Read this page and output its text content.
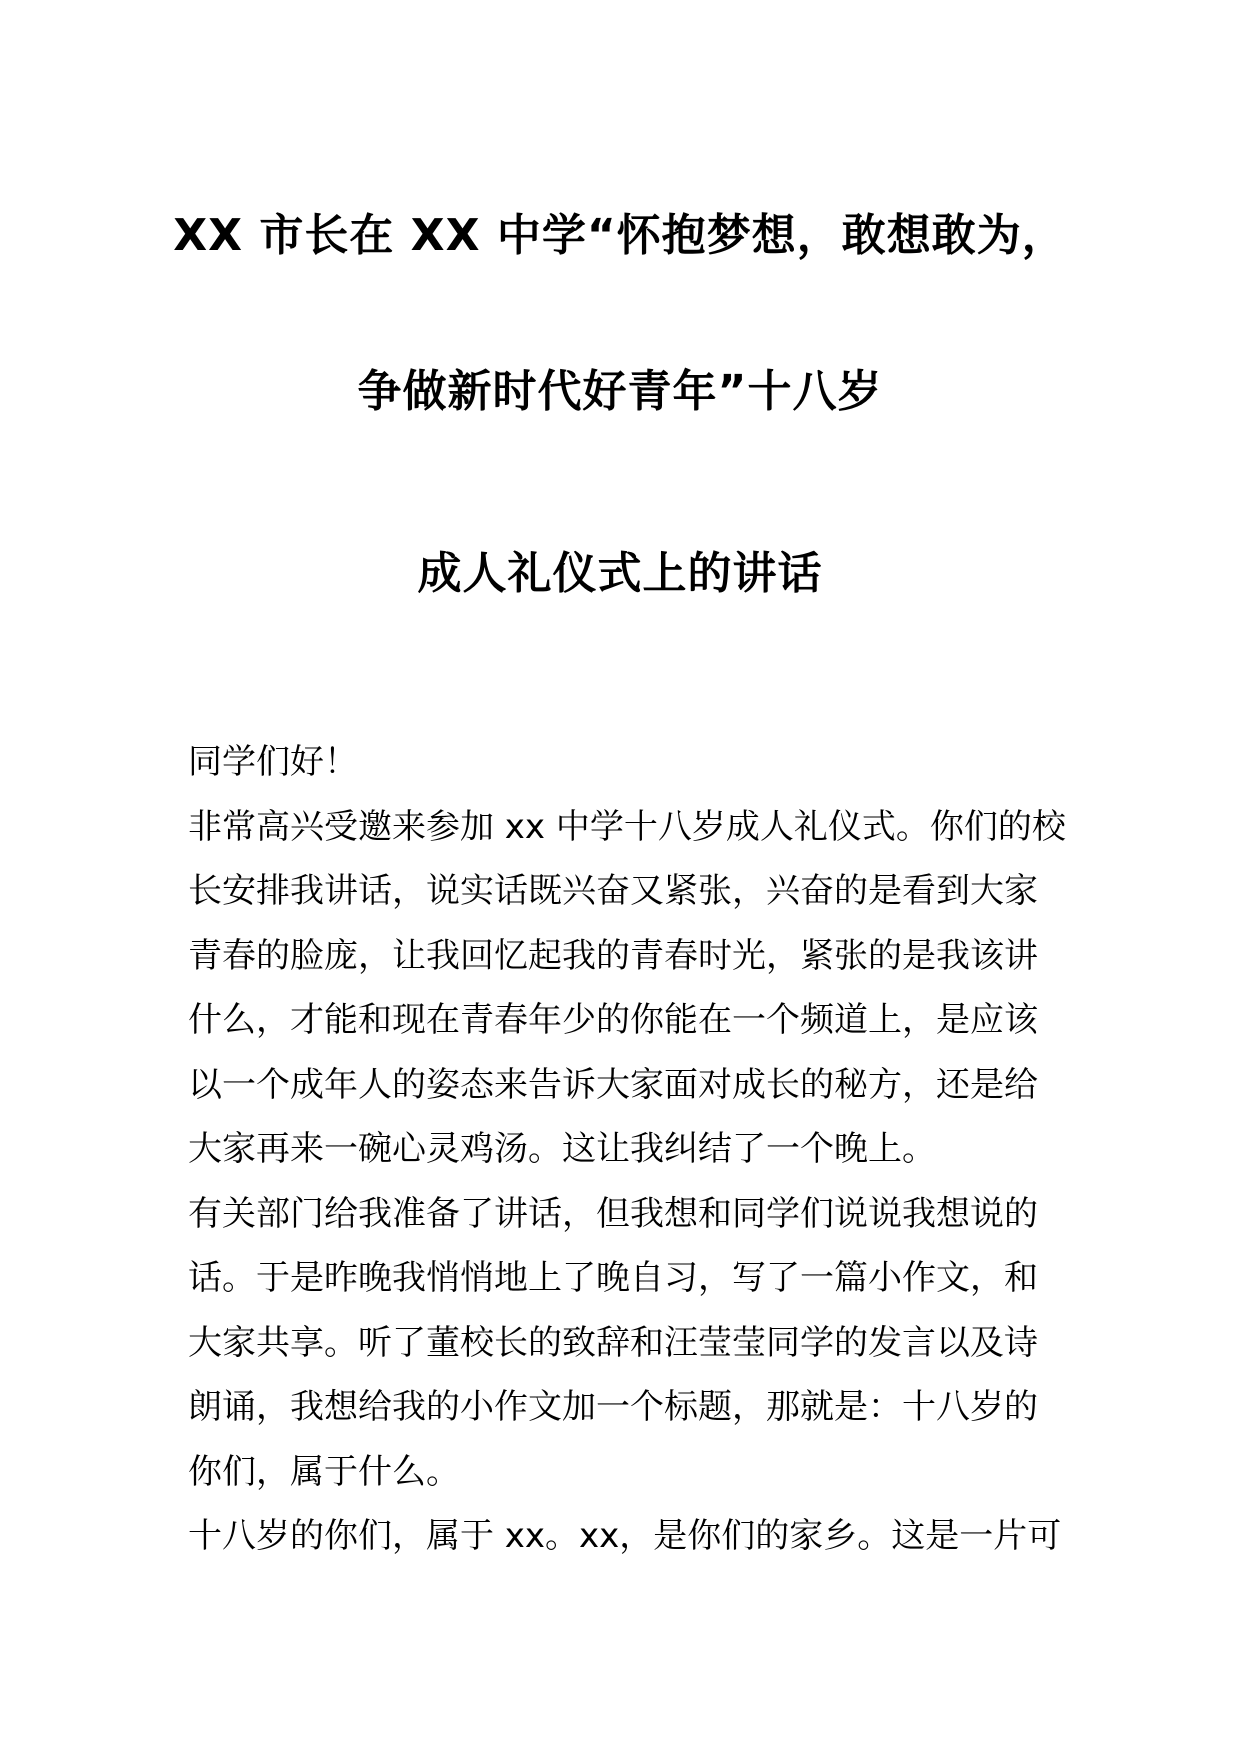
XX 市长在 XX 中学“怀抱梦想，敢想敢为，
争做新时代好青年”十八岁
成人礼仪式上的讲话
同学们好！
非常高兴受邀来参加 xx 中学十八岁成人礼仪式。你们的校
长安排我讲话，说实话既兴奋又紧张，兴奋的是看到大家
青春的脸庞，让我回忆起我的青春时光，紧张的是我该讲
什么，才能和现在青春年少的你能在一个频道上，是应该
以一个成年人的姿态来告诉大家面对成长的秘方，还是给
大家再来一碗心灵鸡汤。这让我纠结了一个晚上。
有关部门给我准备了讲话，但我想和同学们说说我想说的
话。于是昨晚我悄悄地上了晚自习，写了一篇小作文，和
大家共享。听了董校长的致辞和汪莹莹同学的发言以及诗
朗诵，我想给我的小作文加一个标题，那就是：十八岁的
你们，属于什么。
十八岁的你们，属于 xx。xx，是你们的家乡。这是一片可
